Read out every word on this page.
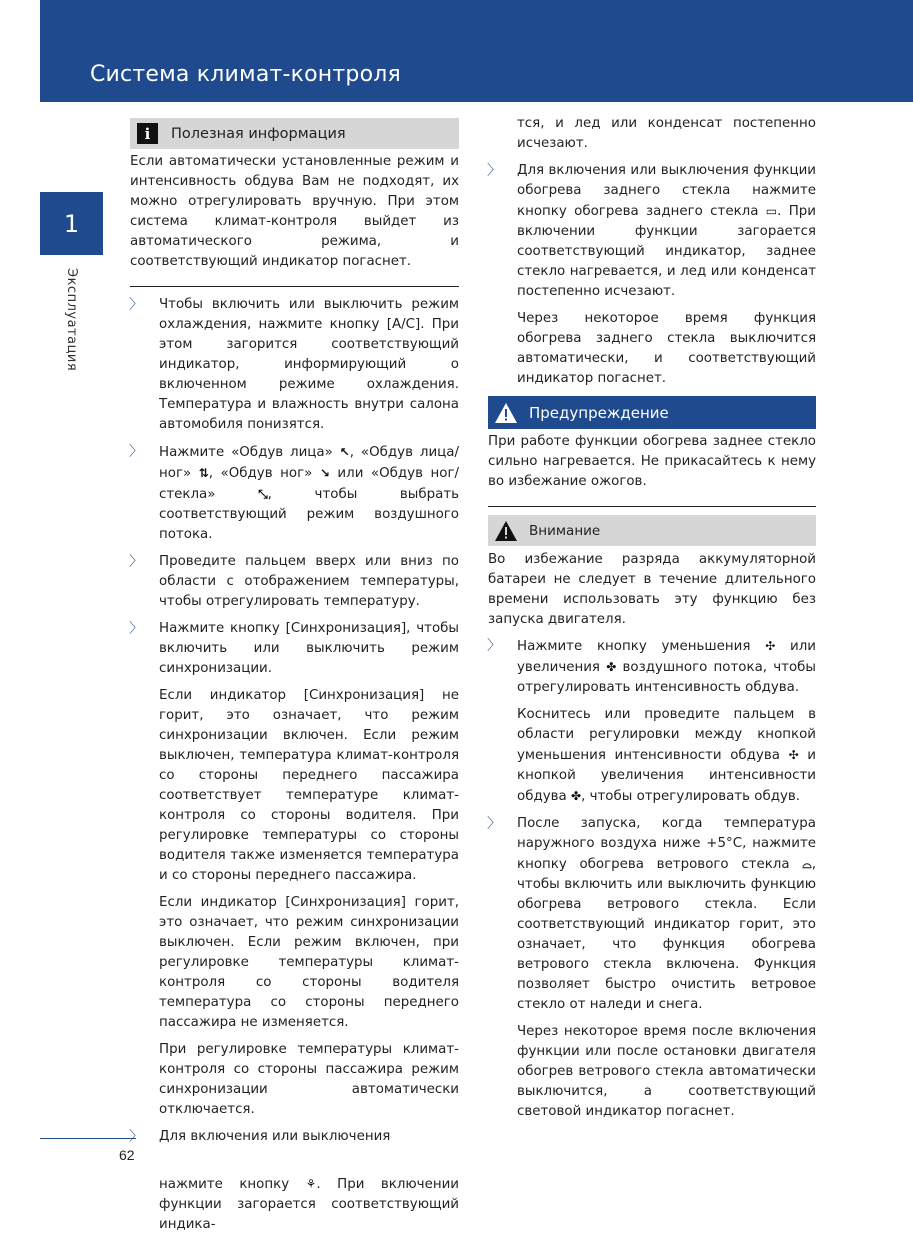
Система климат-контроля
1
Эксплуатация
62
i	Полезная информация

Если автоматически установленные режим и интенсивность обдува Вам не подходят, их можно отрегулировать вручную. При этом система климат-контроля выйдет из автоматического режима, и соответствующий индикатор погаснет.

〉 Чтобы включить или выключить режим охлаждения, нажмите кнопку [A/C]. При этом загорится соответствующий индикатор, информирующий о включенном режиме охлаждения. Температура и влажность внутри салона автомобиля понизятся.
〉 Нажмите «Обдув лица» ↖, «Обдув лица/ног» ⇅, «Обдув ног» ↘ или «Обдув ног/стекла» ⤡, чтобы выбрать соответствующий режим воздушного потока.
〉 Проведите пальцем вверх или вниз по области с отображением температуры, чтобы отрегулировать температуру.
〉 Нажмите кнопку [Синхронизация], чтобы включить или выключить режим синхронизации.

Если индикатор [Синхронизация] не горит, это означает, что режим синхронизации включен. Если режим выключен, температура климат-контроля со стороны переднего пассажира соответствует температуре климат-контроля со стороны водителя. При регулировке температуры со стороны водителя также изменяется температура и со стороны переднего пассажира.

Если индикатор [Синхронизация] горит, это означает, что режим синхронизации выключен. Если режим включен, при регулировке температуры климат-контроля со стороны водителя температура со стороны переднего пассажира не изменяется.

При регулировке температуры климат-контроля со стороны пассажира режим синхронизации автоматически отключается.

〉 Для включения или выключения

нажмите кнопку ⚘. При включении функции загорается соответствующий индика-

тся, и лед или конденсат постепенно исчезают.

〉 Для включения или выключения функции обогрева заднего стекла нажмите кнопку обогрева заднего стекла ▭. При включении функции загорается соответствующий индикатор, заднее стекло нагревается, и лед или конденсат постепенно исчезают.

Через некоторое время функция обогрева заднего стекла выключится автоматически, и соответствующий индикатор погаснет.

Предупреждение

При работе функции обогрева заднее стекло сильно нагревается. Не прикасайтесь к нему во избежание ожогов.

Внимание

Во избежание разряда аккумуляторной батареи не следует в течение длительного времени использовать эту функцию без запуска двигателя.

〉 Нажмите кнопку уменьшения ✣ или увеличения ✤ воздушного потока, чтобы отрегулировать интенсивность обдува.

Коснитесь или проведите пальцем в области регулировки между кнопкой уменьшения интенсивности обдува ✣ и кнопкой увеличения интенсивности обдува ✤, чтобы отрегулировать обдув.

〉 После запуска, когда температура наружного воздуха ниже +5°C, нажмите кнопку обогрева ветрового стекла ⌓, чтобы включить или выключить функцию обогрева ветрового стекла. Если соответствующий индикатор горит, это означает, что функция обогрева ветрового стекла включена. Функция позволяет быстро очистить ветровое стекло от наледи и снега.

Через некоторое время после включения функции или после остановки двигателя обогрев ветрового стекла автоматически выключится, а соответствующий световой индикатор погаснет.
